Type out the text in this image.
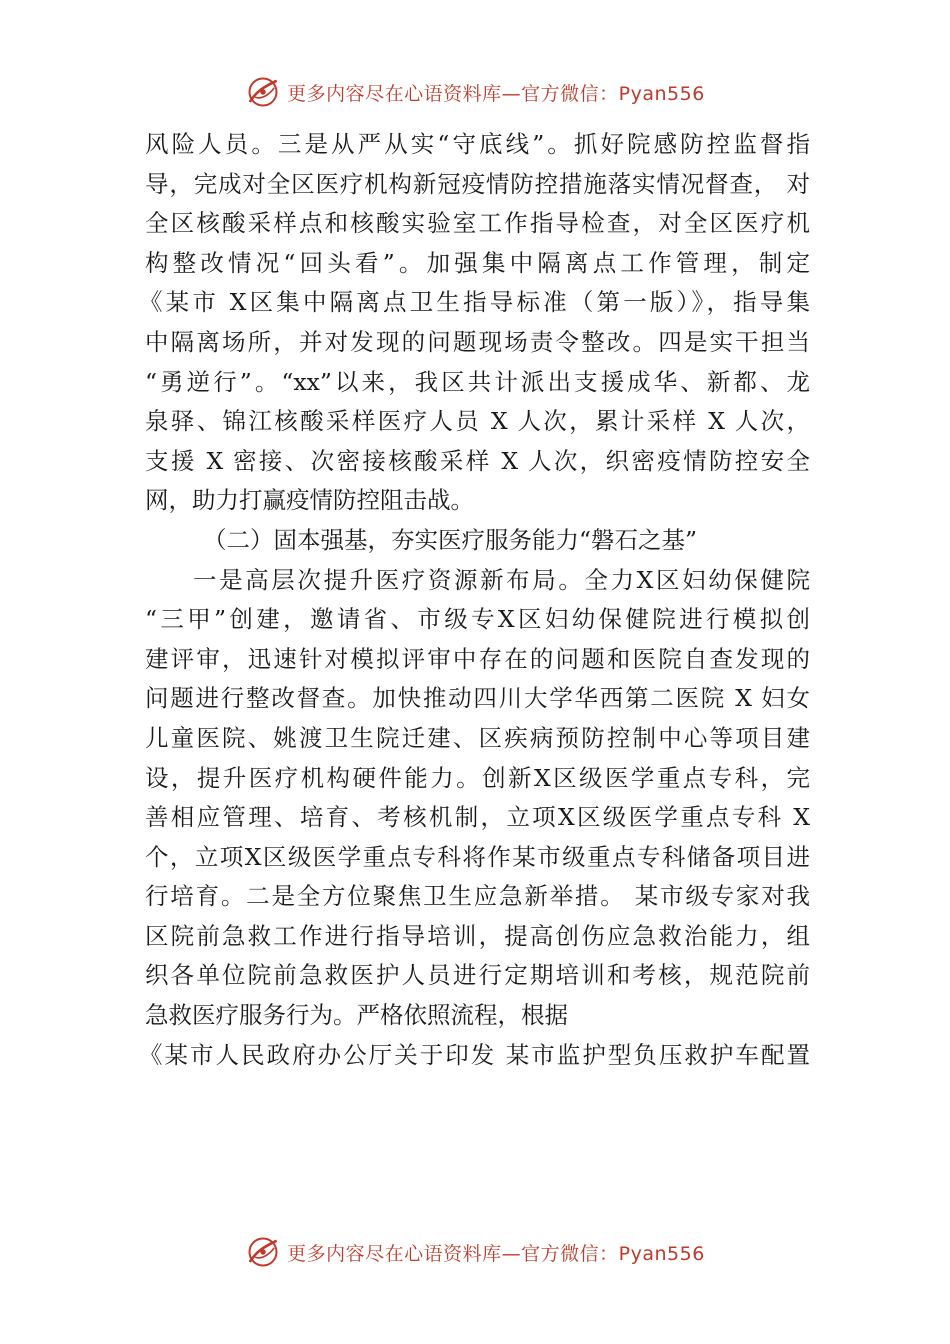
更多内容尽在心语资料库—官方微信：Pyan556
风险人员。三是从严从实“守底线”。抓好院感防控监督指
导，完成对全区医疗机构新冠疫情防控措施落实情况督查， 对
全区核酸采样点和核酸实验室工作指导检查，对全区医疗机
构整改情况“回头看”。加强集中隔离点工作管理，制定
《某市 X区集中隔离点卫生指导标准（第一版）》，指导集
中隔离场所，并对发现的问题现场责令整改。四是实干担当
“勇逆行”。“xx”以来，我区共计派出支援成华、新都、龙
泉驿、锦江核酸采样医疗人员 X 人次，累计采样 X 人次，
支援 X 密接、次密接核酸采样 X 人次，织密疫情防控安全
网，助力打赢疫情防控阻击战。
（二）固本强基，夯实医疗服务能力“磐石之基”
一是高层次提升医疗资源新布局。全力X区妇幼保健院
“三甲”创建，邀请省、市级专X区妇幼保健院进行模拟创
建评审，迅速针对模拟评审中存在的问题和医院自查发现的
问题进行整改督查。加快推动四川大学华西第二医院 X 妇女
儿童医院、姚渡卫生院迁建、区疾病预防控制中心等项目建
设，提升医疗机构硬件能力。创新X区级医学重点专科，完
善相应管理、培育、考核机制，立项X区级医学重点专科 X
个，立项X区级医学重点专科将作某市级重点专科储备项目进
行培育。二是全方位聚焦卫生应急新举措。 某市级专家对我
区院前急救工作进行指导培训，提高创伤应急救治能力，组
织各单位院前急救医护人员进行定期培训和考核，规范院前
急救医疗服务行为。严格依照流程，根据
《某市人民政府办公厅关于印发 某市监护型负压救护车配置
更多内容尽在心语资料库—官方微信：Pyan556
